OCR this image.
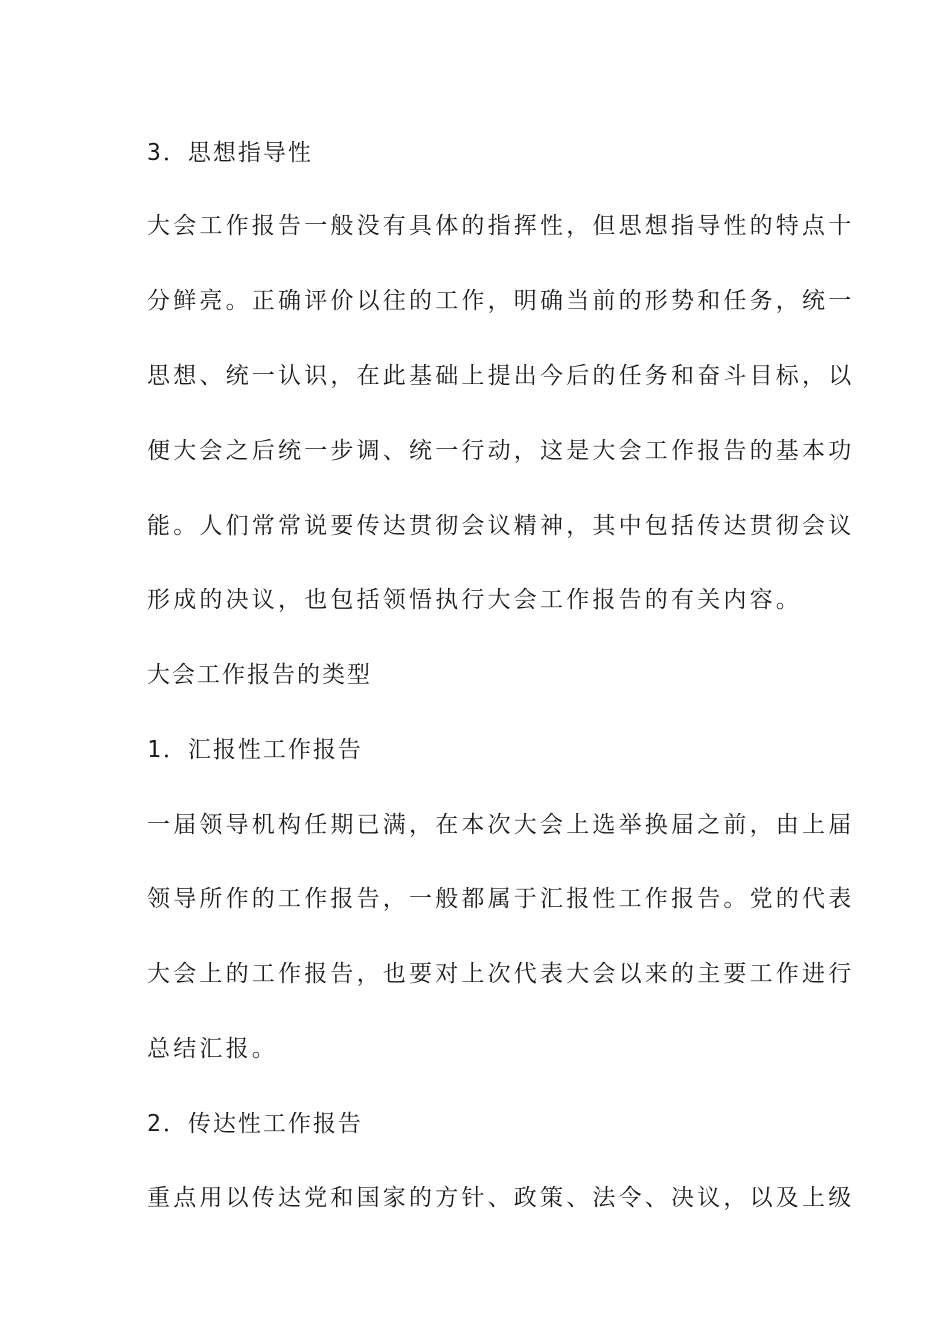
3．思想指导性
大会工作报告一般没有具体的指挥性，但思想指导性的特点十
分鲜亮。正确评价以往的工作，明确当前的形势和任务，统一
思想、统一认识，在此基础上提出今后的任务和奋斗目标，以
便大会之后统一步调、统一行动，这是大会工作报告的基本功
能。人们常常说要传达贯彻会议精神，其中包括传达贯彻会议
形成的决议，也包括领悟执行大会工作报告的有关内容。
大会工作报告的类型
1．汇报性工作报告
一届领导机构任期已满，在本次大会上选举换届之前，由上届
领导所作的工作报告，一般都属于汇报性工作报告。党的代表
大会上的工作报告，也要对上次代表大会以来的主要工作进行
总结汇报。
2．传达性工作报告
重点用以传达党和国家的方针、政策、法令、决议，以及上级
